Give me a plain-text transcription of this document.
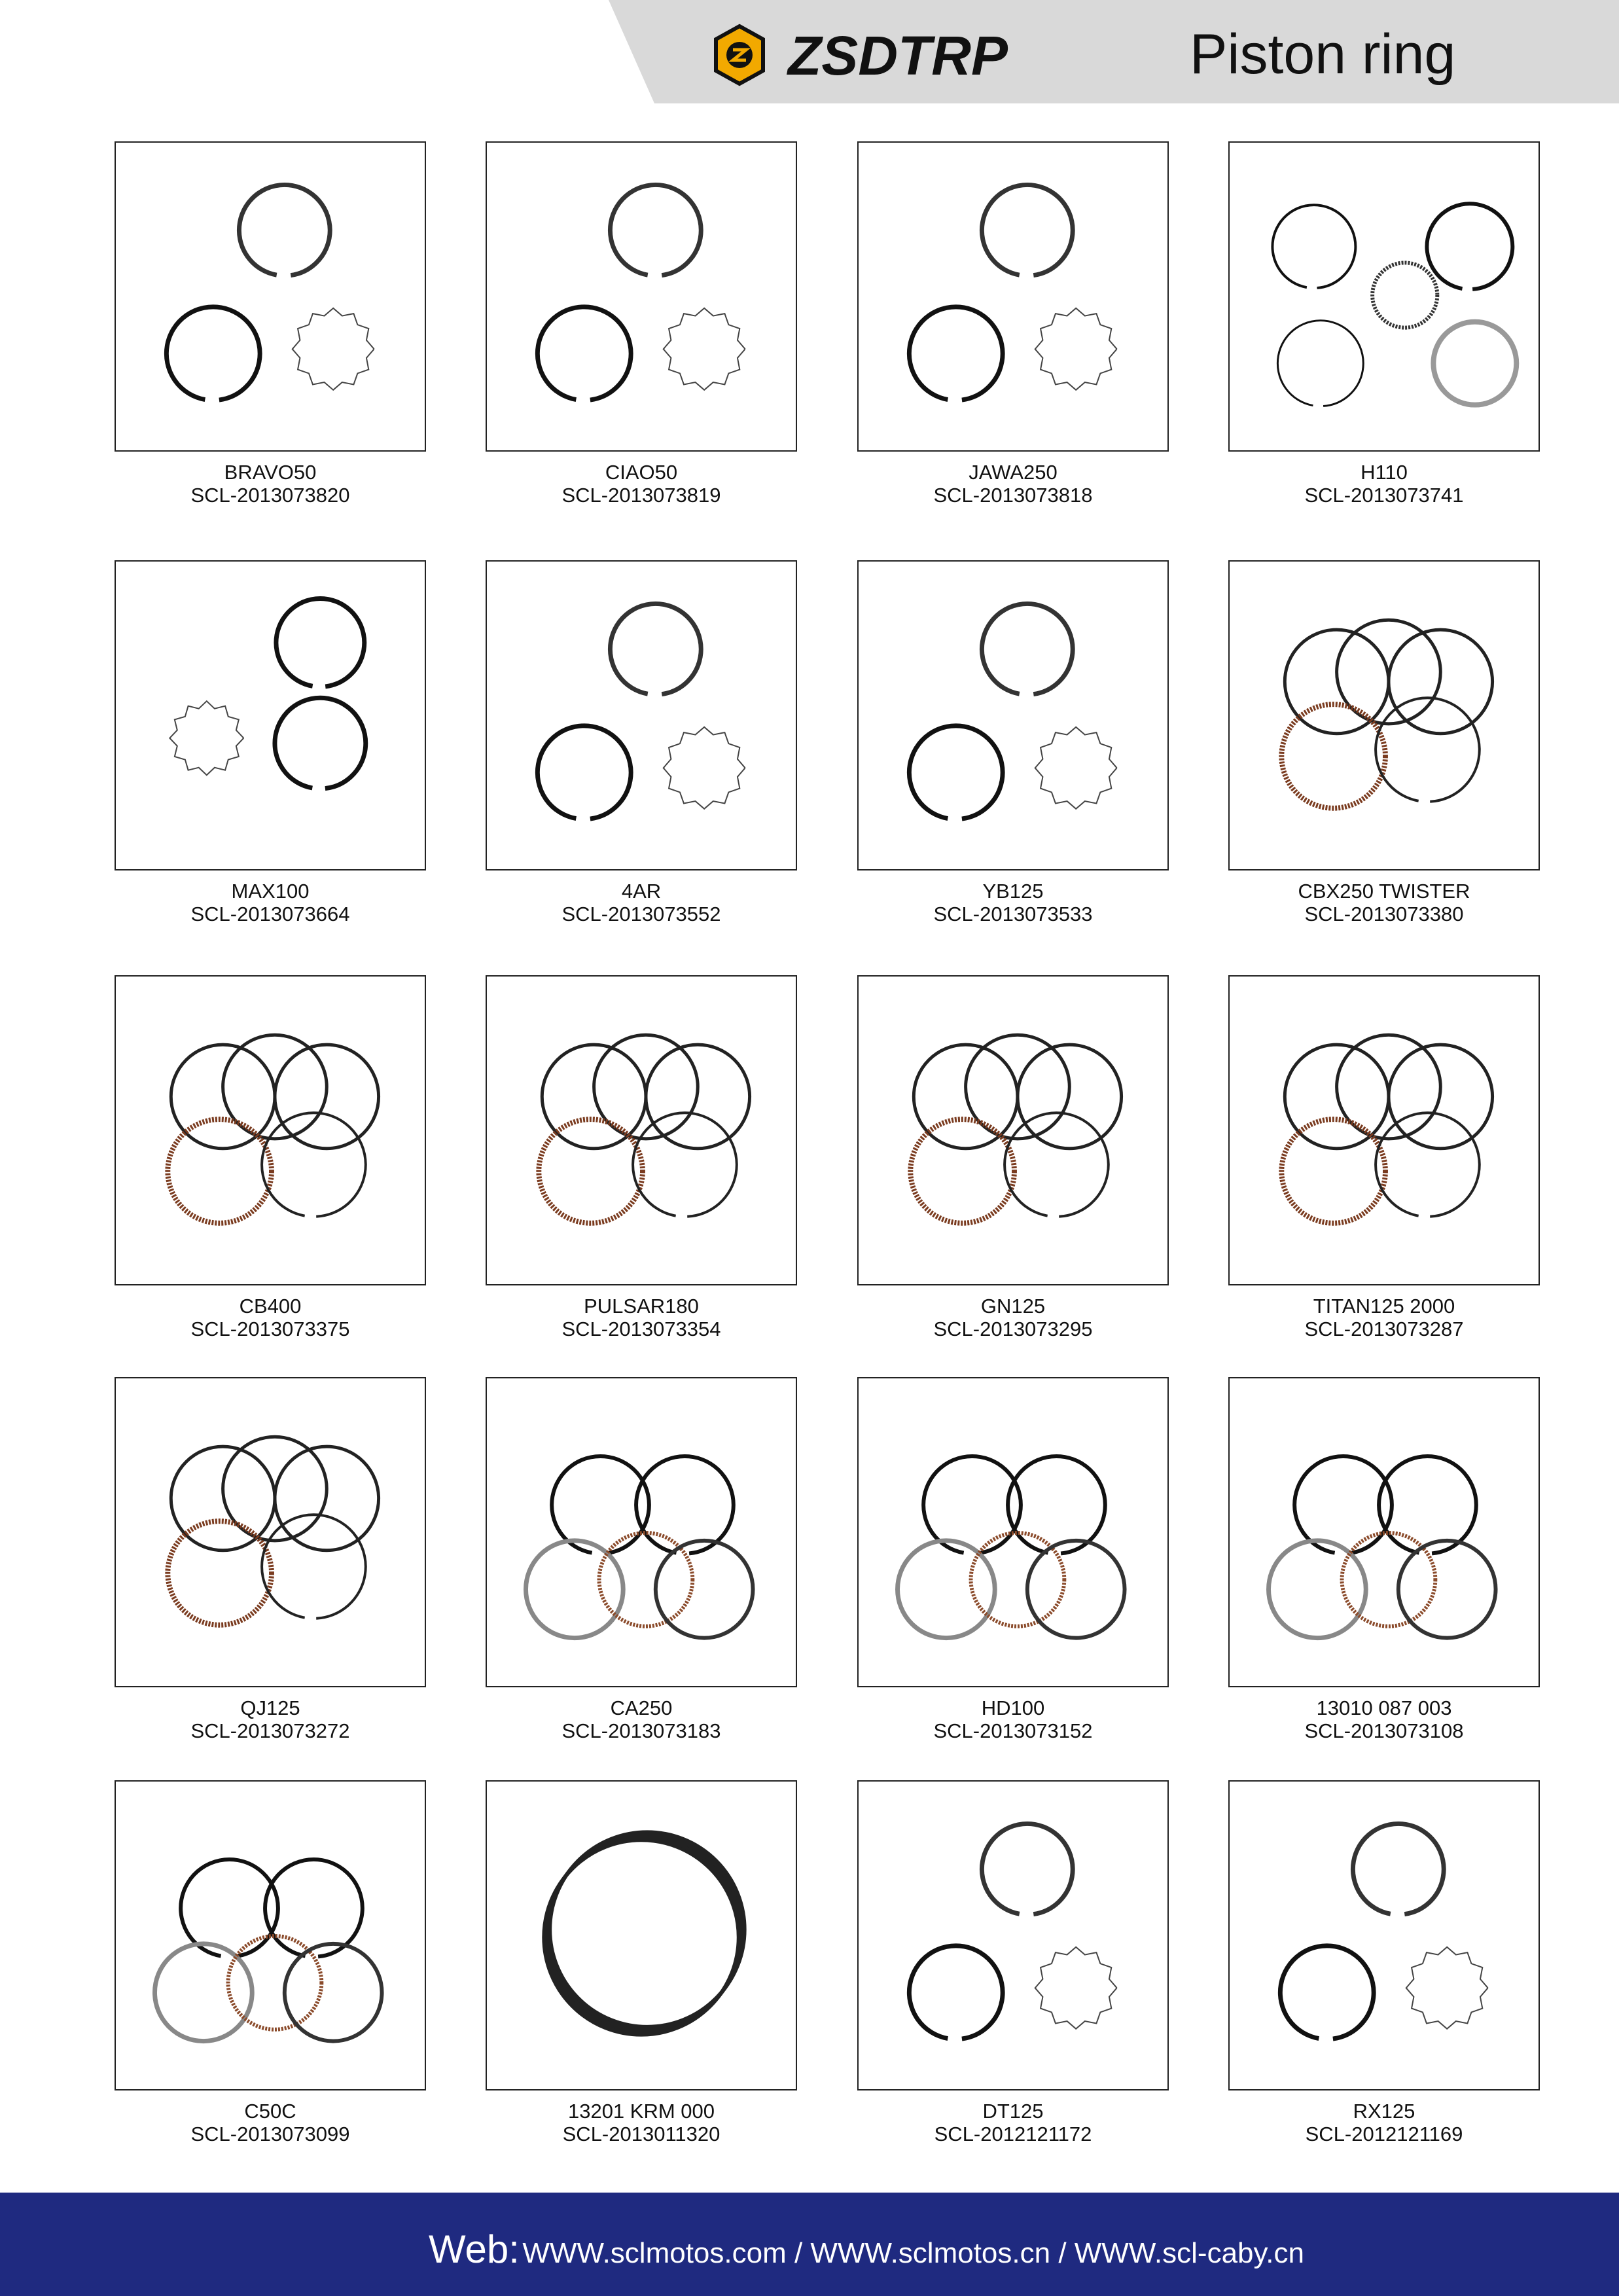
ZSDTRP	Piston ring
BRAVO50
SCL-2013073820
CIAO50
SCL-2013073819
JAWA250
SCL-2013073818
H110
SCL-2013073741
MAX100
SCL-2013073664
4AR
SCL-2013073552
YB125
SCL-2013073533
CBX250 TWISTER
SCL-2013073380
CB400
SCL-2013073375
PULSAR180
SCL-2013073354
GN125
SCL-2013073295
TITAN125 2000
SCL-2013073287
QJ125
SCL-2013073272
CA250
SCL-2013073183
HD100
SCL-2013073152
13010 087 003
SCL-2013073108
C50C
SCL-2013073099
13201 KRM 000
SCL-2013011320
DT125
SCL-2012121172
RX125
SCL-2012121169
Web: WWW.sclmotos.com / WWW.sclmotos.cn / WWW.scl-caby.cn
